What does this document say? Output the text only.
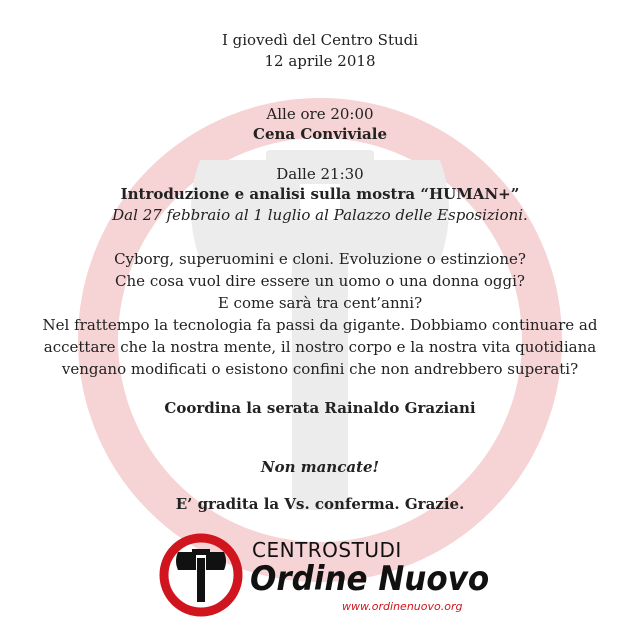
I giovedì del Centro Studi
12 aprile 2018
Alle ore 20:00
Cena Conviviale
Dalle 21:30
Introduzione e analisi sulla mostra “HUMAN+”
Dal 27 febbraio al 1 luglio al Palazzo delle Esposizioni.
Cyborg, superuomini e cloni. Evoluzione o estinzione?
Che cosa vuol dire essere un uomo o una donna oggi?
E come sarà tra cent’anni?
Nel frattempo la tecnologia fa passi da gigante. Dobbiamo continuare ad
accettare che la nostra mente, il nostro corpo e la nostra vita quotidiana
vengano modificati o esistono confini che non andrebbero superati?
Coordina la serata Rainaldo Graziani
Non mancate!
E’ gradita la Vs. conferma. Grazie.
CENTROSTUDI
Ordine Nuovo
www.ordinenuovo.org
